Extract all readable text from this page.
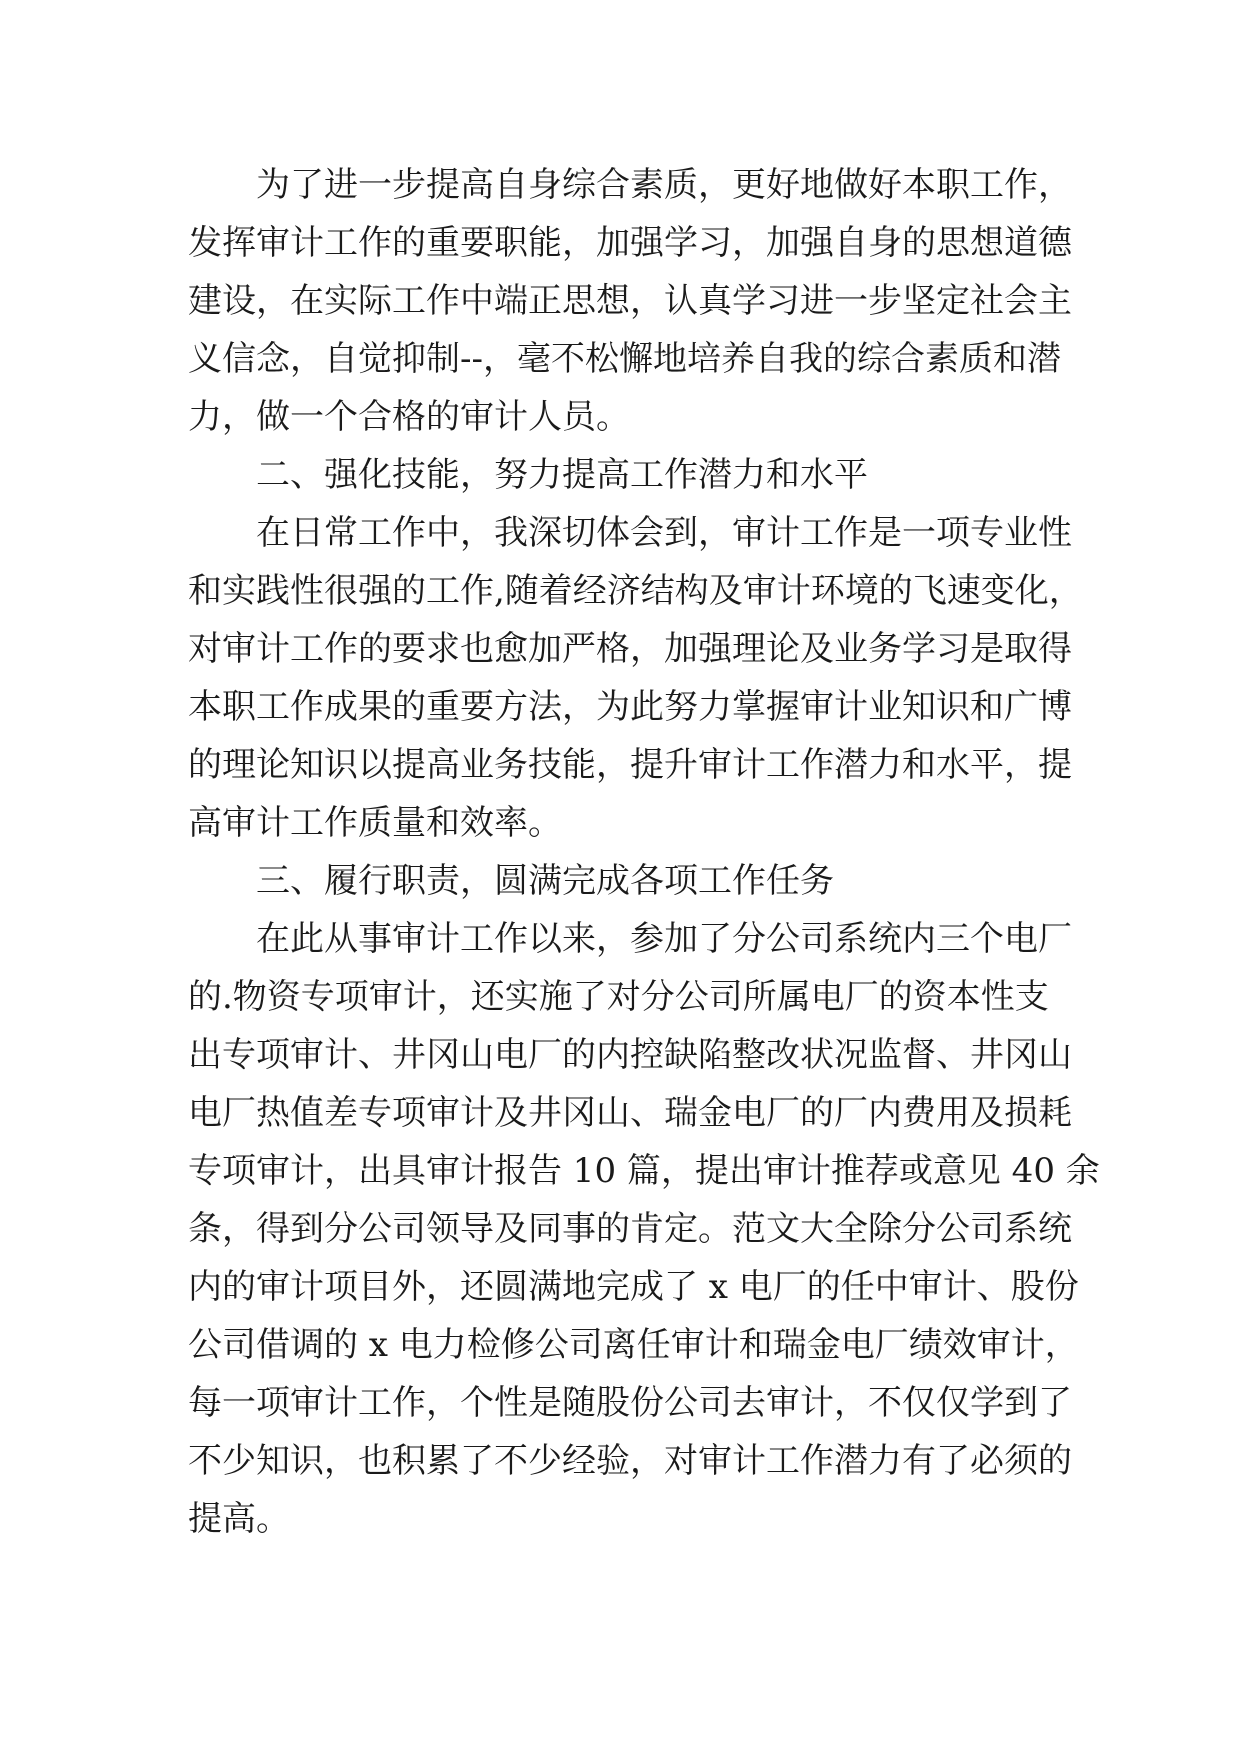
为了进一步提高自身综合素质，更好地做好本职工作，
发挥审计工作的重要职能，加强学习，加强自身的思想道德
建设，在实际工作中端正思想，认真学习进一步坚定社会主
义信念，自觉抑制--，毫不松懈地培养自我的综合素质和潜
力，做一个合格的审计人员。
二、强化技能，努力提高工作潜力和水平
在日常工作中，我深切体会到，审计工作是一项专业性
和实践性很强的工作,随着经济结构及审计环境的飞速变化，
对审计工作的要求也愈加严格，加强理论及业务学习是取得
本职工作成果的重要方法，为此努力掌握审计业知识和广博
的理论知识以提高业务技能，提升审计工作潜力和水平，提
高审计工作质量和效率。
三、履行职责，圆满完成各项工作任务
在此从事审计工作以来，参加了分公司系统内三个电厂
的.物资专项审计，还实施了对分公司所属电厂的资本性支
出专项审计、井冈山电厂的内控缺陷整改状况监督、井冈山
电厂热值差专项审计及井冈山、瑞金电厂的厂内费用及损耗
专项审计，出具审计报告 10 篇，提出审计推荐或意见 40 余
条，得到分公司领导及同事的肯定。范文大全除分公司系统
内的审计项目外，还圆满地完成了 x 电厂的任中审计、股份
公司借调的 x 电力检修公司离任审计和瑞金电厂绩效审计，
每一项审计工作，个性是随股份公司去审计，不仅仅学到了
不少知识，也积累了不少经验，对审计工作潜力有了必须的
提高。
